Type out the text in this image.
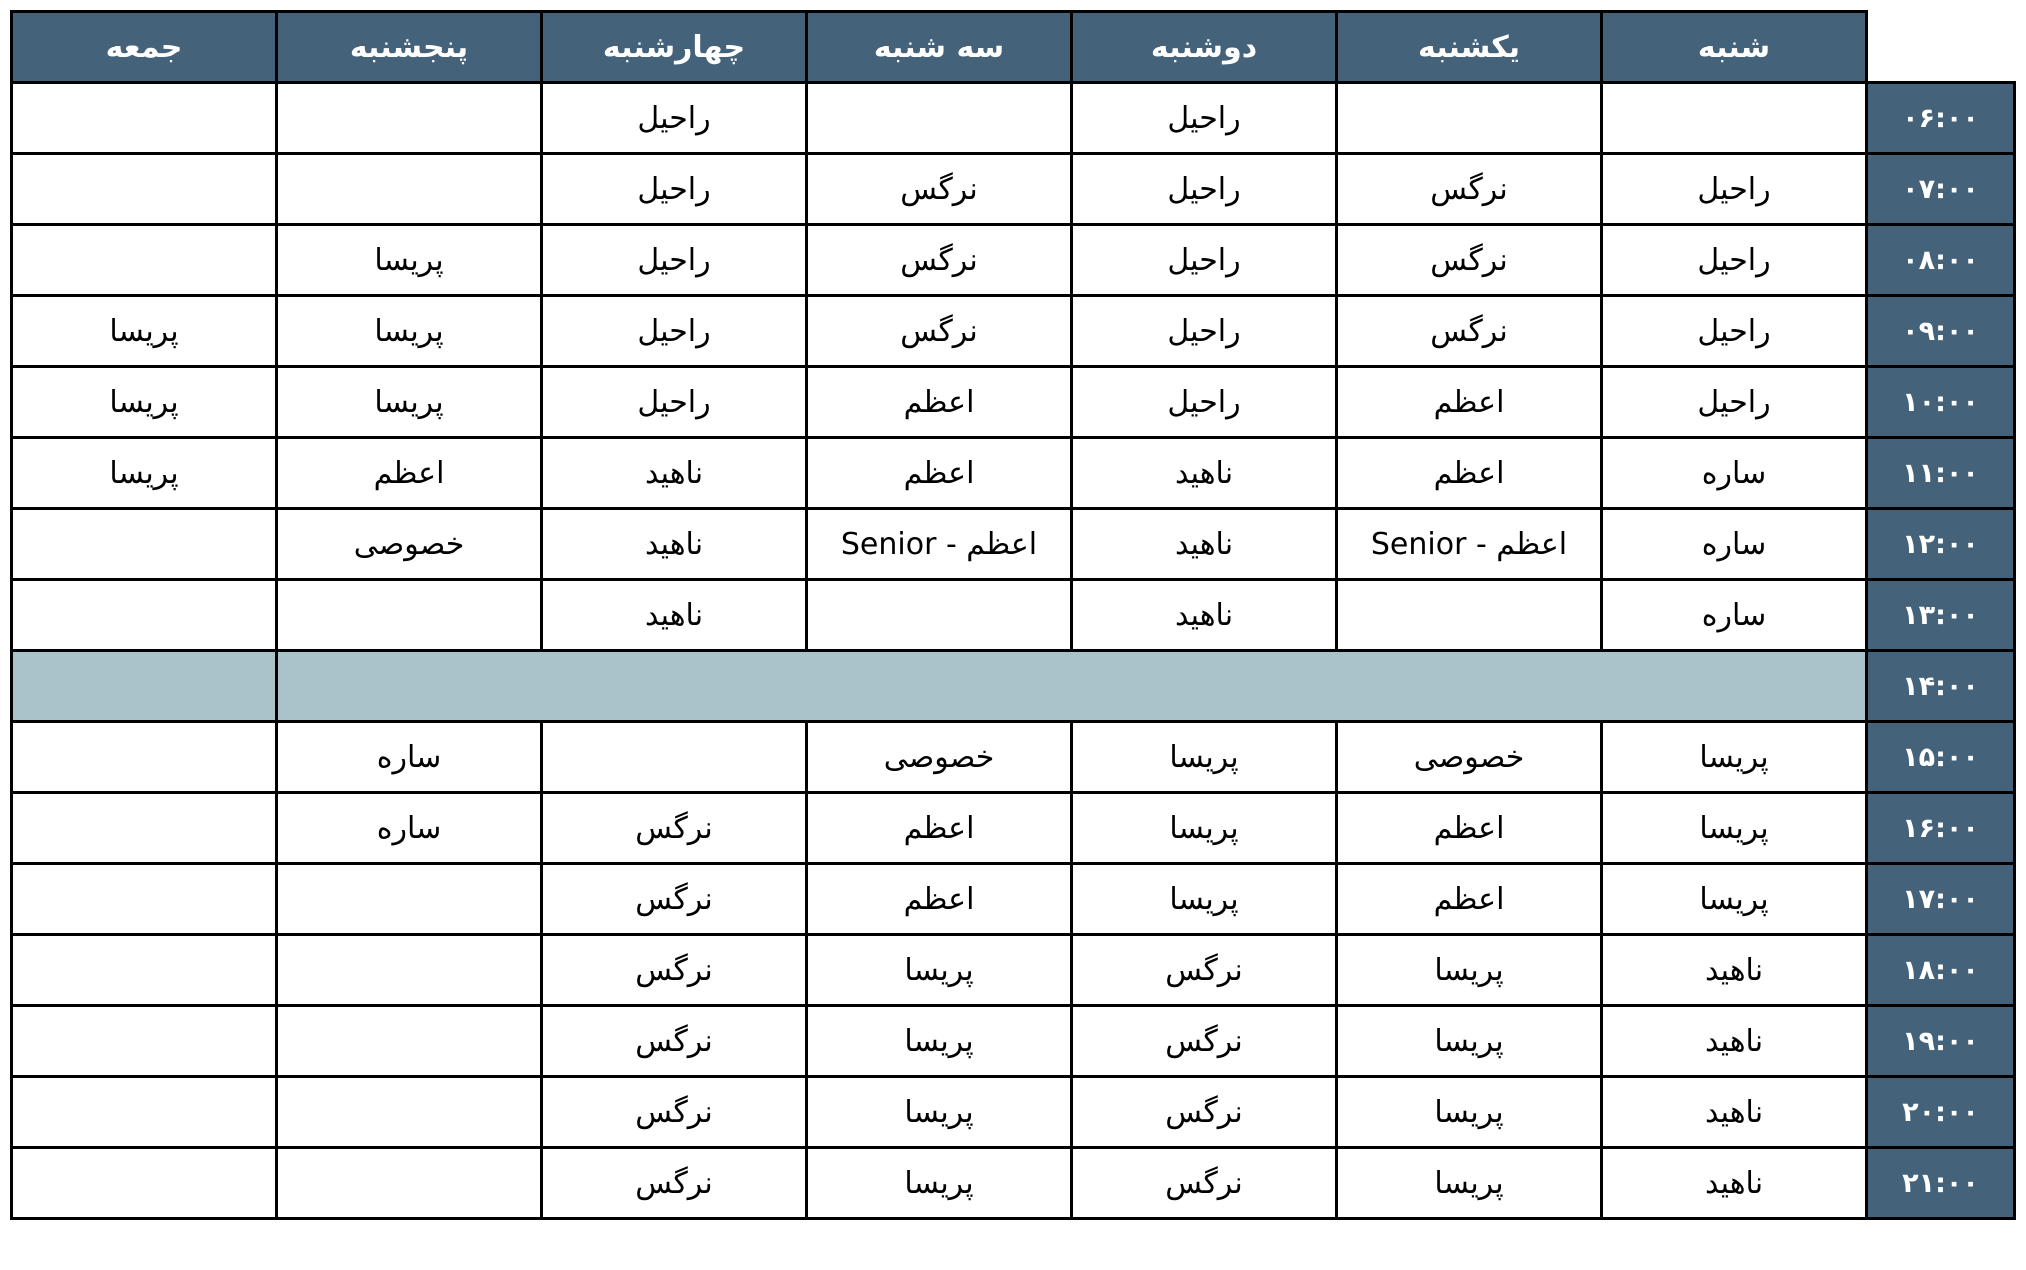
	شنبه	یکشنبه	دوشنبه	سه شنبه	چهارشنبه	پنجشنبه	جمعه
۰۶:۰۰			راحیل		راحیل		
۰۷:۰۰	راحیل	نرگس	راحیل	نرگس	راحیل		
۰۸:۰۰	راحیل	نرگس	راحیل	نرگس	راحیل	پریسا	
۰۹:۰۰	راحیل	نرگس	راحیل	نرگس	راحیل	پریسا	پریسا
۱۰:۰۰	راحیل	اعظم	راحیل	اعظم	راحیل	پریسا	پریسا
۱۱:۰۰	ساره	اعظم	ناهید	اعظم	ناهید	اعظم	پریسا
۱۲:۰۰	ساره	اعظم - Senior	ناهید	اعظم - Senior	ناهید	خصوصی	
۱۳:۰۰	ساره		ناهید		ناهید		
۱۴:۰۰							
۱۵:۰۰	پریسا	خصوصی	پریسا	خصوصی		ساره	
۱۶:۰۰	پریسا	اعظم	پریسا	اعظم	نرگس	ساره	
۱۷:۰۰	پریسا	اعظم	پریسا	اعظم	نرگس		
۱۸:۰۰	ناهید	پریسا	نرگس	پریسا	نرگس		
۱۹:۰۰	ناهید	پریسا	نرگس	پریسا	نرگس		
۲۰:۰۰	ناهید	پریسا	نرگس	پریسا	نرگس		
۲۱:۰۰	ناهید	پریسا	نرگس	پریسا	نرگس		
